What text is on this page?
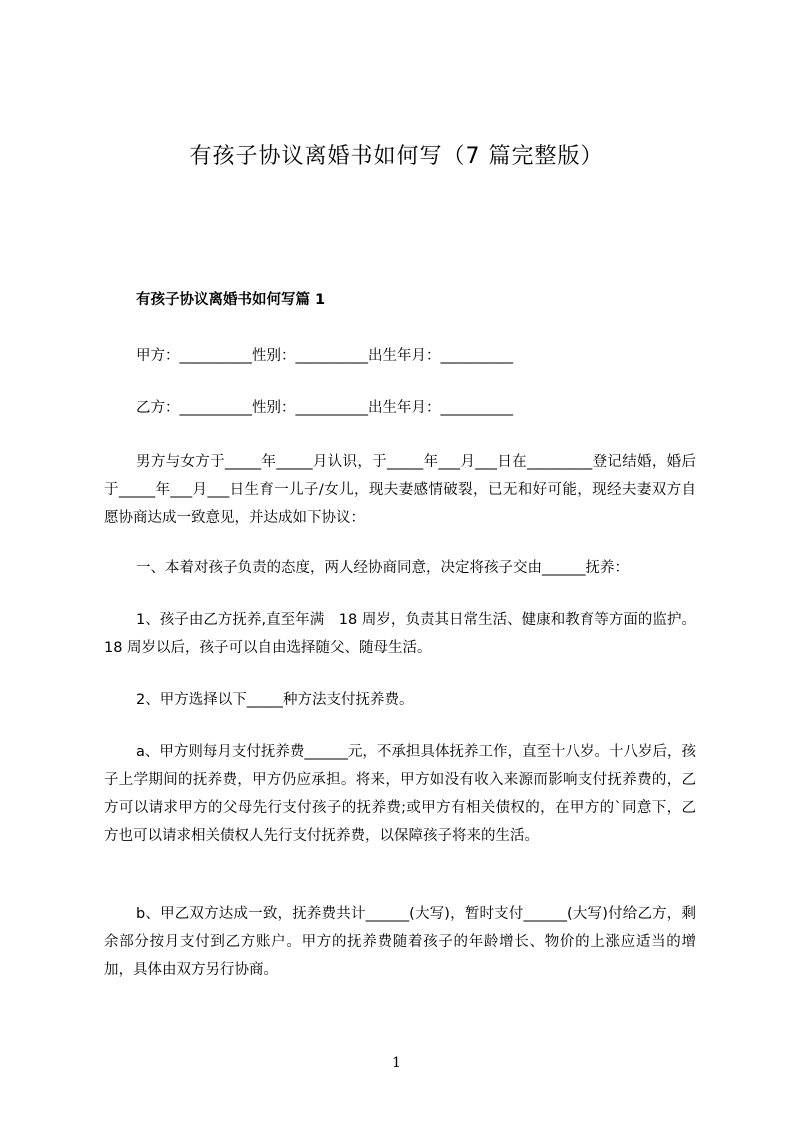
有孩子协议离婚书如何写（7 篇完整版）
有孩子协议离婚书如何写篇 1

甲方：__________性别：__________出生年月：__________

乙方：__________性别：__________出生年月：__________

男方与女方于_____年_____月认识，于_____年___月___日在_________登记结婚，婚后于_____年___月___日生育一儿子/女儿，现夫妻感情破裂，已无和好可能，现经夫妻双方自愿协商达成一致意见，并达成如下协议：

一、本着对孩子负责的态度，两人经协商同意，决定将孩子交由______抚养：

1、孩子由乙方抚养,直至年满　18 周岁，负责其日常生活、健康和教育等方面的监护。18 周岁以后，孩子可以自由选择随父、随母生活。

2、甲方选择以下_____种方法支付抚养费。

a、甲方则每月支付抚养费______元，不承担具体抚养工作，直至十八岁。十八岁后，孩子上学期间的抚养费，甲方仍应承担。将来，甲方如没有收入来源而影响支付抚养费的，乙方可以请求甲方的父母先行支付孩子的抚养费;或甲方有相关债权的，在甲方的`同意下，乙方也可以请求相关债权人先行支付抚养费，以保障孩子将来的生活。

b、甲乙双方达成一致，抚养费共计______(大写)，暂时支付______(大写)付给乙方，剩余部分按月支付到乙方账户。甲方的抚养费随着孩子的年龄增长、物价的上涨应适当的增加，具体由双方另行协商。

1
